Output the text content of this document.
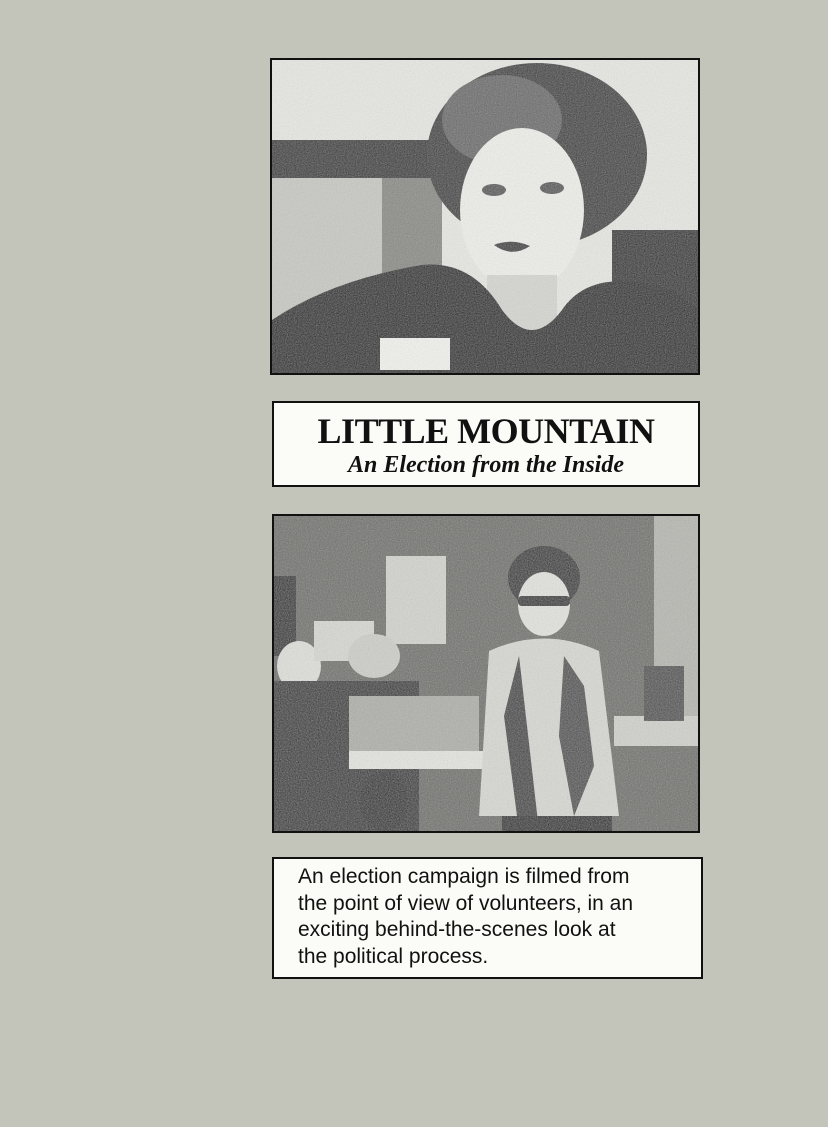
LITTLE MOUNTAIN
An Election from the Inside
An election campaign is filmed from
the point of view of volunteers, in an
exciting behind-the-scenes look at
the political process.
